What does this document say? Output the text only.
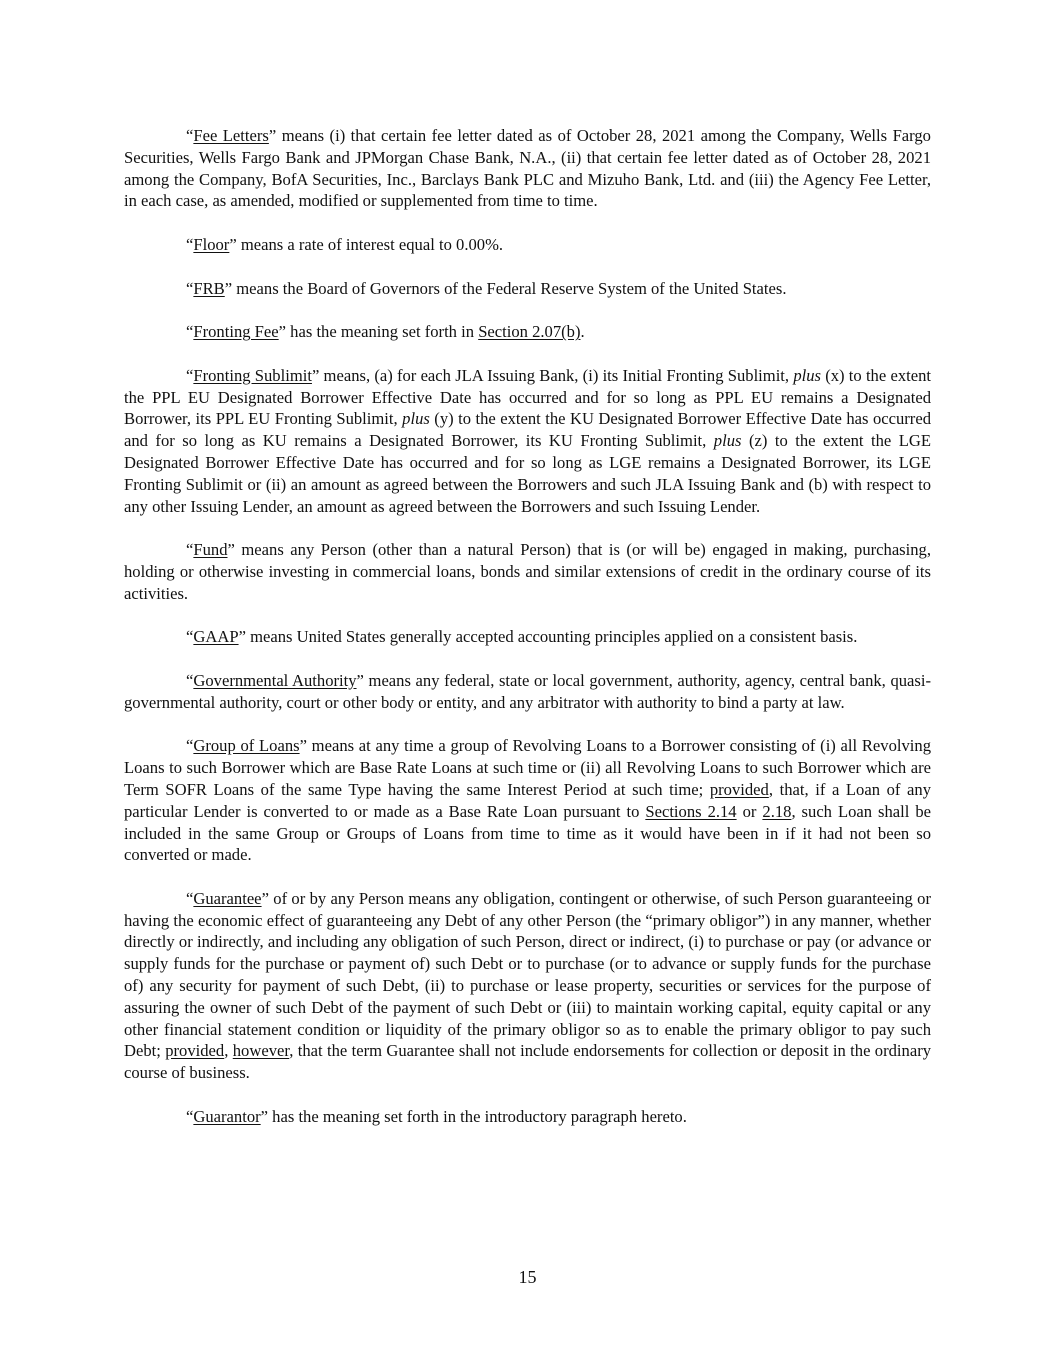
“Fee Letters” means (i) that certain fee letter dated as of October 28, 2021 among the Company, Wells Fargo Securities, Wells Fargo Bank and JPMorgan Chase Bank, N.A., (ii) that certain fee letter dated as of October 28, 2021 among the Company, BofA Securities, Inc., Barclays Bank PLC and Mizuho Bank, Ltd. and (iii) the Agency Fee Letter, in each case, as amended, modified or supplemented from time to time.

“Floor” means a rate of interest equal to 0.00%.

“FRB” means the Board of Governors of the Federal Reserve System of the United States.

“Fronting Fee” has the meaning set forth in Section 2.07(b).

“Fronting Sublimit” means, (a) for each JLA Issuing Bank, (i) its Initial Fronting Sublimit, plus (x) to the extent the PPL EU Designated Borrower Effective Date has occurred and for so long as PPL EU remains a Designated Borrower, its PPL EU Fronting Sublimit, plus (y) to the extent the KU Designated Borrower Effective Date has occurred and for so long as KU remains a Designated Borrower, its KU Fronting Sublimit, plus (z) to the extent the LGE Designated Borrower Effective Date has occurred and for so long as LGE remains a Designated Borrower, its LGE Fronting Sublimit or (ii) an amount as agreed between the Borrowers and such JLA Issuing Bank and (b) with respect to any other Issuing Lender, an amount as agreed between the Borrowers and such Issuing Lender.

“Fund” means any Person (other than a natural Person) that is (or will be) engaged in making, purchasing, holding or otherwise investing in commercial loans, bonds and similar extensions of credit in the ordinary course of its activities.

“GAAP” means United States generally accepted accounting principles applied on a consistent basis.

“Governmental Authority” means any federal, state or local government, authority, agency, central bank, quasi-governmental authority, court or other body or entity, and any arbitrator with authority to bind a party at law.

“Group of Loans” means at any time a group of Revolving Loans to a Borrower consisting of (i) all Revolving Loans to such Borrower which are Base Rate Loans at such time or (ii) all Revolving Loans to such Borrower which are Term SOFR Loans of the same Type having the same Interest Period at such time; provided, that, if a Loan of any particular Lender is converted to or made as a Base Rate Loan pursuant to Sections 2.14 or 2.18, such Loan shall be included in the same Group or Groups of Loans from time to time as it would have been in if it had not been so converted or made.

“Guarantee” of or by any Person means any obligation, contingent or otherwise, of such Person guaranteeing or having the economic effect of guaranteeing any Debt of any other Person (the “primary obligor”) in any manner, whether directly or indirectly, and including any obligation of such Person, direct or indirect, (i) to purchase or pay (or advance or supply funds for the purchase or payment of) such Debt or to purchase (or to advance or supply funds for the purchase of) any security for payment of such Debt, (ii) to purchase or lease property, securities or services for the purpose of assuring the owner of such Debt of the payment of such Debt or (iii) to maintain working capital, equity capital or any other financial statement condition or liquidity of the primary obligor so as to enable the primary obligor to pay such Debt; provided, however, that the term Guarantee shall not include endorsements for collection or deposit in the ordinary course of business.

“Guarantor” has the meaning set forth in the introductory paragraph hereto.

15
